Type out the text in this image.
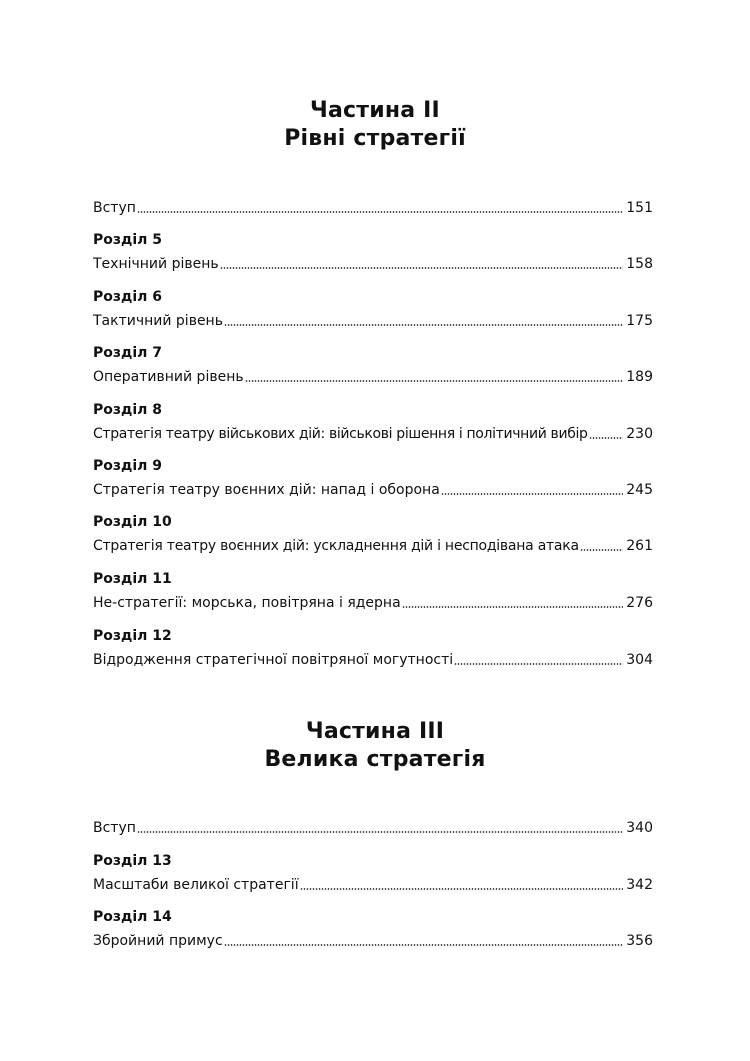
Частина II
Рівні стратегії
Вступ	151
Розділ 5
Технічний рівень	158
Розділ 6
Тактичний рівень	175
Розділ 7
Оперативний рівень	189
Розділ 8
Стратегія театру військових дій: військові рішення і політичний вибір	230
Розділ 9
Стратегія театру воєнних дій: напад і оборона	245
Розділ 10
Стратегія театру воєнних дій: ускладнення дій і несподівана атака	261
Розділ 11
Не-стратегії: морська, повітряна і ядерна	276
Розділ 12
Відродження стратегічної повітряної могутності	304
Частина III
Велика стратегія
Вступ	340
Розділ 13
Масштаби великої стратегії	342
Розділ 14
Збройний примус	356
